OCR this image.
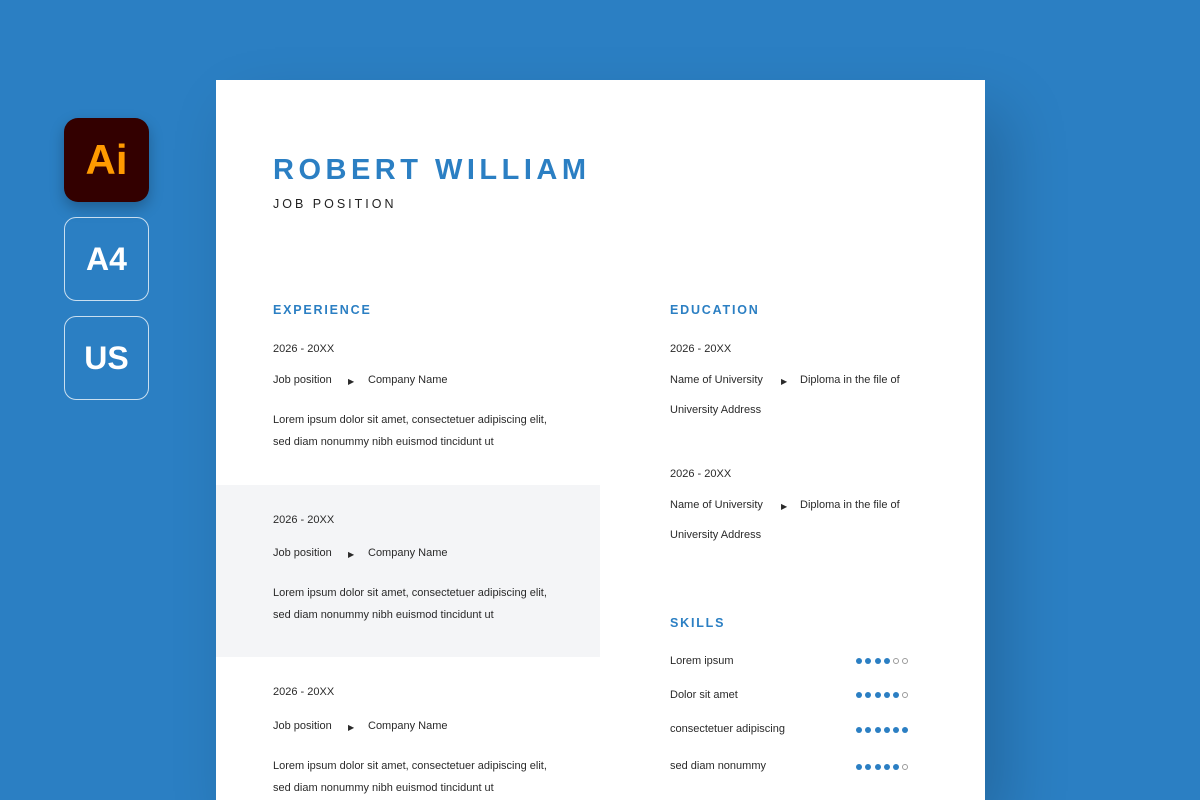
Ai
A4
US
ROBERT WILLIAM
JOB POSITION
EXPERIENCE
2026 - 20XX
Job position ▶ Company Name
Lorem ipsum dolor sit amet, consectetuer adipiscing elit,
sed diam nonummy nibh euismod tincidunt ut
2026 - 20XX
Job position ▶ Company Name
Lorem ipsum dolor sit amet, consectetuer adipiscing elit,
sed diam nonummy nibh euismod tincidunt ut
2026 - 20XX
Job position ▶ Company Name
Lorem ipsum dolor sit amet, consectetuer adipiscing elit,
sed diam nonummy nibh euismod tincidunt ut
EDUCATION
2026 - 20XX
Name of University ▶ Diploma in the file of
University Address
2026 - 20XX
Name of University ▶ Diploma in the file of
University Address
SKILLS
Lorem ipsum
Dolor sit amet
consectetuer adipiscing
sed diam nonummy
